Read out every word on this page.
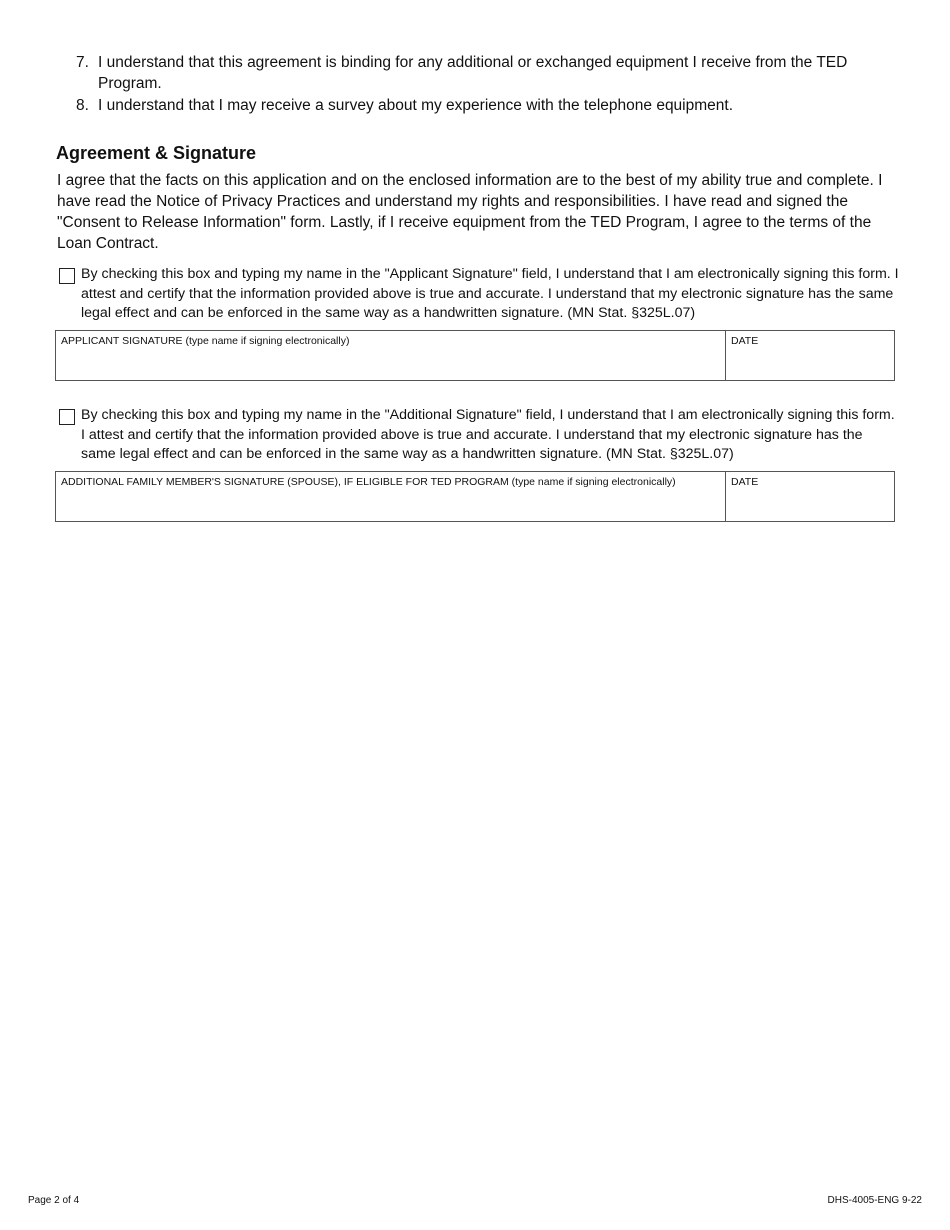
7. I understand that this agreement is binding for any additional or exchanged equipment I receive from the TED Program.
8. I understand that I may receive a survey about my experience with the telephone equipment.
Agreement & Signature

I agree that the facts on this application and on the enclosed information are to the best of my ability true and complete. I have read the Notice of Privacy Practices and understand my rights and responsibilities. I have read and signed the "Consent to Release Information" form. Lastly, if I receive equipment from the TED Program, I agree to the terms of the Loan Contract.

By checking this box and typing my name in the "Applicant Signature" field, I understand that I am electronically signing this form. I attest and certify that the information provided above is true and accurate. I understand that my electronic signature has the same legal effect and can be enforced in the same way as a handwritten signature. (MN Stat. §325L.07)
APPLICANT SIGNATURE (type name if signing electronically)	DATE
By checking this box and typing my name in the "Additional Signature" field, I understand that I am electronically signing this form. I attest and certify that the information provided above is true and accurate. I understand that my electronic signature has the same legal effect and can be enforced in the same way as a handwritten signature. (MN Stat. §325L.07)
ADDITIONAL FAMILY MEMBER'S SIGNATURE (SPOUSE), IF ELIGIBLE FOR TED PROGRAM (type name if signing electronically)	DATE
Page 2 of 4	DHS-4005-ENG 9-22
